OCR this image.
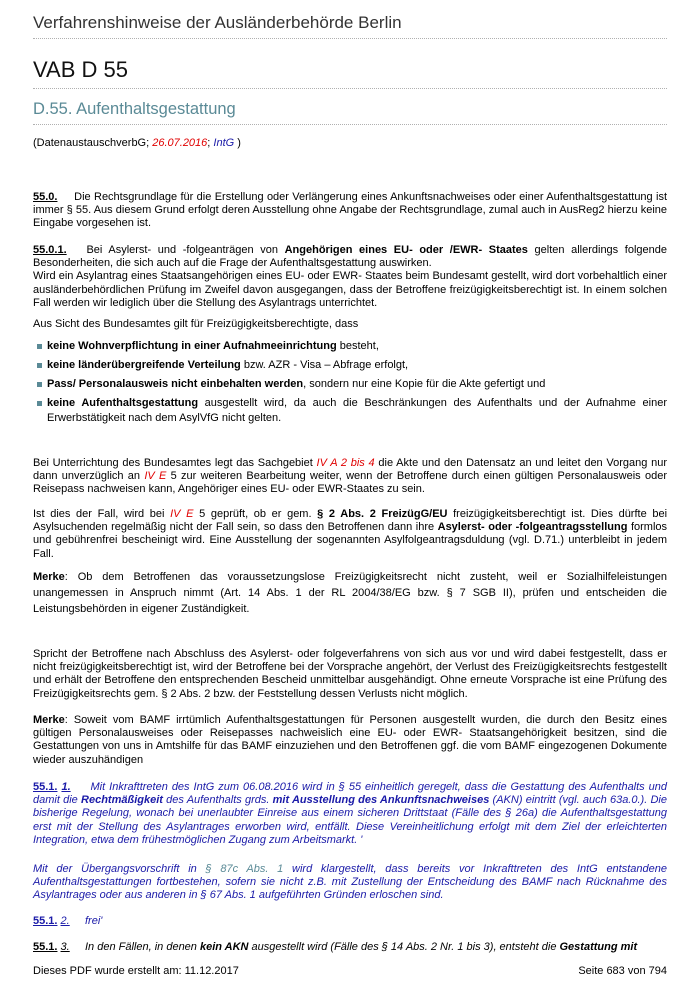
Verfahrenshinweise der Ausländerbehörde Berlin
VAB D 55
D.55. Aufenthaltsgestattung
(DatenaustauschverbG; 26.07.2016; IntG )

55.0. Die Rechtsgrundlage für die Erstellung oder Verlängerung eines Ankunftsnachweises oder einer Aufenthaltsgestattung ist immer § 55. Aus diesem Grund erfolgt deren Ausstellung ohne Angabe der Rechtsgrundlage, zumal auch in AusReg2 hierzu keine Eingabe vorgesehen ist.

55.0.1. Bei Asylerst- und -folgeanträgen von Angehörigen eines EU- oder /EWR- Staates gelten allerdings folgende Besonderheiten, die sich auch auf die Frage der Aufenthaltsgestattung auswirken.
Wird ein Asylantrag eines Staatsangehörigen eines EU- oder EWR- Staates beim Bundesamt gestellt, wird dort vorbehaltlich einer ausländerbehördlichen Prüfung im Zweifel davon ausgegangen, dass der Betroffene freizügigkeitsberechtigt ist. In einem solchen Fall werden wir lediglich über die Stellung des Asylantrags unterrichtet.

Aus Sicht des Bundesamtes gilt für Freizügigkeitsberechtigte, dass

keine Wohnverpflichtung in einer Aufnahmeeinrichtung besteht,
keine länderübergreifende Verteilung bzw. AZR - Visa – Abfrage erfolgt,
Pass/ Personalausweis nicht einbehalten werden, sondern nur eine Kopie für die Akte gefertigt und
keine Aufenthaltsgestattung ausgestellt wird, da auch die Beschränkungen des Aufenthalts und der Aufnahme einer Erwerbstätigkeit nach dem AsylVfG nicht gelten.

Bei Unterrichtung des Bundesamtes legt das Sachgebiet IV A 2 bis 4 die Akte und den Datensatz an und leitet den Vorgang nur dann unverzüglich an IV E 5 zur weiteren Bearbeitung weiter, wenn der Betroffene durch einen gültigen Personalausweis oder Reisepass nachweisen kann, Angehöriger eines EU- oder EWR-Staates zu sein.

Ist dies der Fall, wird bei IV E 5 geprüft, ob er gem. § 2 Abs. 2 FreizügG/EU freizügigkeitsberechtigt ist. Dies dürfte bei Asylsuchenden regelmäßig nicht der Fall sein, so dass den Betroffenen dann ihre Asylerst- oder -folgeantragsstellung formlos und gebührenfrei bescheinigt wird. Eine Ausstellung der sogenannten Asylfolgeantragsduldung (vgl. D.71.) unterbleibt in jedem Fall.

Merke: Ob dem Betroffenen das voraussetzungslose Freizügigkeitsrecht nicht zusteht, weil er Sozialhilfeleistungen unangemessen in Anspruch nimmt (Art. 14 Abs. 1 der RL 2004/38/EG bzw. § 7 SGB II), prüfen und entscheiden die Leistungsbehörden in eigener Zuständigkeit.

Spricht der Betroffene nach Abschluss des Asylerst- oder folgeverfahrens von sich aus vor und wird dabei festgestellt, dass er nicht freizügigkeitsberechtigt ist, wird der Betroffene bei der Vorsprache angehört, der Verlust des Freizügigkeitsrechts festgestellt und erhält der Betroffene den entsprechenden Bescheid unmittelbar ausgehändigt. Ohne erneute Vorsprache ist eine Prüfung des Freizügigkeitsrechts gem. § 2 Abs. 2 bzw. der Feststellung dessen Verlusts nicht möglich.

Merke: Soweit vom BAMF irrtümlich Aufenthaltsgestattungen für Personen ausgestellt wurden, die durch den Besitz eines gültigen Personalausweises oder Reisepasses nachweislich eine EU- oder EWR- Staatsangehörigkeit besitzen, sind die Gestattungen von uns in Amtshilfe für das BAMF einzuziehen und den Betroffenen ggf. die vom BAMF eingezogenen Dokumente wieder auszuhändigen

55.1. 1. Mit Inkrafttreten des IntG zum 06.08.2016 wird in § 55 einheitlich geregelt, dass die Gestattung des Aufenthalts und damit die Rechtmäßigkeit des Aufenthalts grds. mit Ausstellung des Ankunftsnachweises (AKN) eintritt (vgl. auch 63a.0.). Die bisherige Regelung, wonach bei unerlaubter Einreise aus einem sicheren Drittstaat (Fälle des § 26a) die Aufenthaltsgestattung erst mit der Stellung des Asylantrages erworben wird, entfällt. Diese Vereinheitlichung erfolgt mit dem Ziel der erleichterten Integration, etwa dem frühestmöglichen Zugang zum Arbeitsmarkt. '

Mit der Übergangsvorschrift in § 87c Abs. 1 wird klargestellt, dass bereits vor Inkrafttreten des IntG entstandene Aufenthaltsgestattungen fortbestehen, sofern sie nicht z.B. mit Zustellung der Entscheidung des BAMF nach Rücknahme des Asylantrages oder aus anderen in § 67 Abs. 1 aufgeführten Gründen erloschen sind.

55.1. 2. frei'

55.1. 3. In den Fällen, in denen kein AKN ausgestellt wird (Fälle des § 14 Abs. 2 Nr. 1 bis 3), entsteht die Gestattung mit

Dieses PDF wurde erstellt am: 11.12.2017	Seite 683 von 794
